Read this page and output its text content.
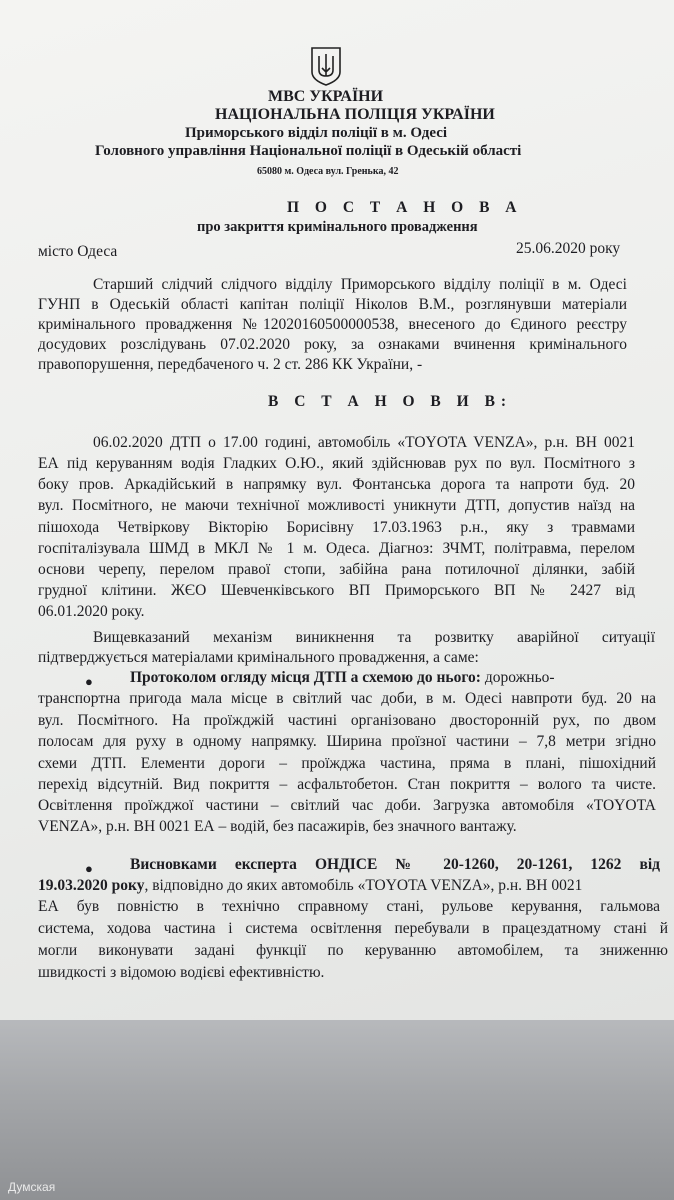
МВС УКРАЇНИ
НАЦІОНАЛЬНА ПОЛІЦІЯ УКРАЇНИ
Приморського відділ поліції в м. Одесі
Головного управління Національної поліції в Одеській області
65080 м. Одеса вул. Гренька, 42
П О С Т А Н О В А
про закриття кримінального провадження
місто Одеса	25.06.2020 року
Старший слідчий слідчого відділу Приморського відділу поліції в м. Одесі
ГУНП в Одеській області капітан поліції Ніколов В.М., розглянувши матеріали
кримінального провадження №12020160500000538, внесеного до Єдиного реєстру
досудових розслідувань 07.02.2020 року, за ознаками вчинення кримінального
правопорушення, передбаченого ч. 2 ст. 286 КК України, -
В С Т А Н О В И В:
06.02.2020 ДТП о 17.00 годині, автомобіль «TOYOTA VENZA», р.н. ВН 0021
ЕА під керуванням водія Гладких О.Ю., який здійснював рух по вул. Посмітного з
боку пров. Аркадійський в напрямку вул. Фонтанська дорога та напроти буд. 20
вул. Посмітного, не маючи технічної можливості уникнути ДТП, допустив наїзд на
пішохода Четвіркову Вікторію Борисівну 17.03.1963 р.н., яку з травмами
госпіталізувала ШМД в МКЛ № 1 м. Одеса. Діагноз: ЗЧМТ, політравма, перелом
основи черепу, перелом правої стопи, забійна рана потилочної ділянки, забій
грудної клітини. ЖЄО Шевченківського ВП Приморського ВП № 2427 від
06.01.2020 року.
Вищевказаний механізм виникнення та розвитку аварійної ситуації
підтверджується матеріалами кримінального провадження, а саме:
● Протоколом огляду місця ДТП а схемою до нього: дорожньо-
транспортна пригода мала місце в світлий час доби, в м. Одесі навпроти буд. 20 на
вул. Посмітного. На проїжджій частині організовано двосторонній рух, по двом
полосам для руху в одному напрямку. Ширина проїзної частини – 7,8 метри згідно
схеми ДТП. Елементи дороги – проїжджа частина, пряма в плані, пішохідний
перехід відсутній. Вид покриття – асфальтобетон. Стан покриття – волого та чисте.
Освітлення проїжджої частини – світлий час доби. Загрузка автомобіля «TOYOTA
VENZA», р.н. ВН 0021 ЕА – водій, без пасажирів, без значного вантажу.
● Висновками експерта ОНДІСЕ № 20-1260, 20-1261, 1262 від
19.03.2020 року, відповідно до яких автомобіль «TOYOTA VENZA», р.н. ВН 0021
ЕА був повністю в технічно справному стані, рульове керування, гальмова
система, ходова частина і система освітлення перебували в працездатному стані й
могли виконувати задані функції по керуванню автомобілем, та зниженню
швидкості з відомою водієві ефективністю.
Думская
